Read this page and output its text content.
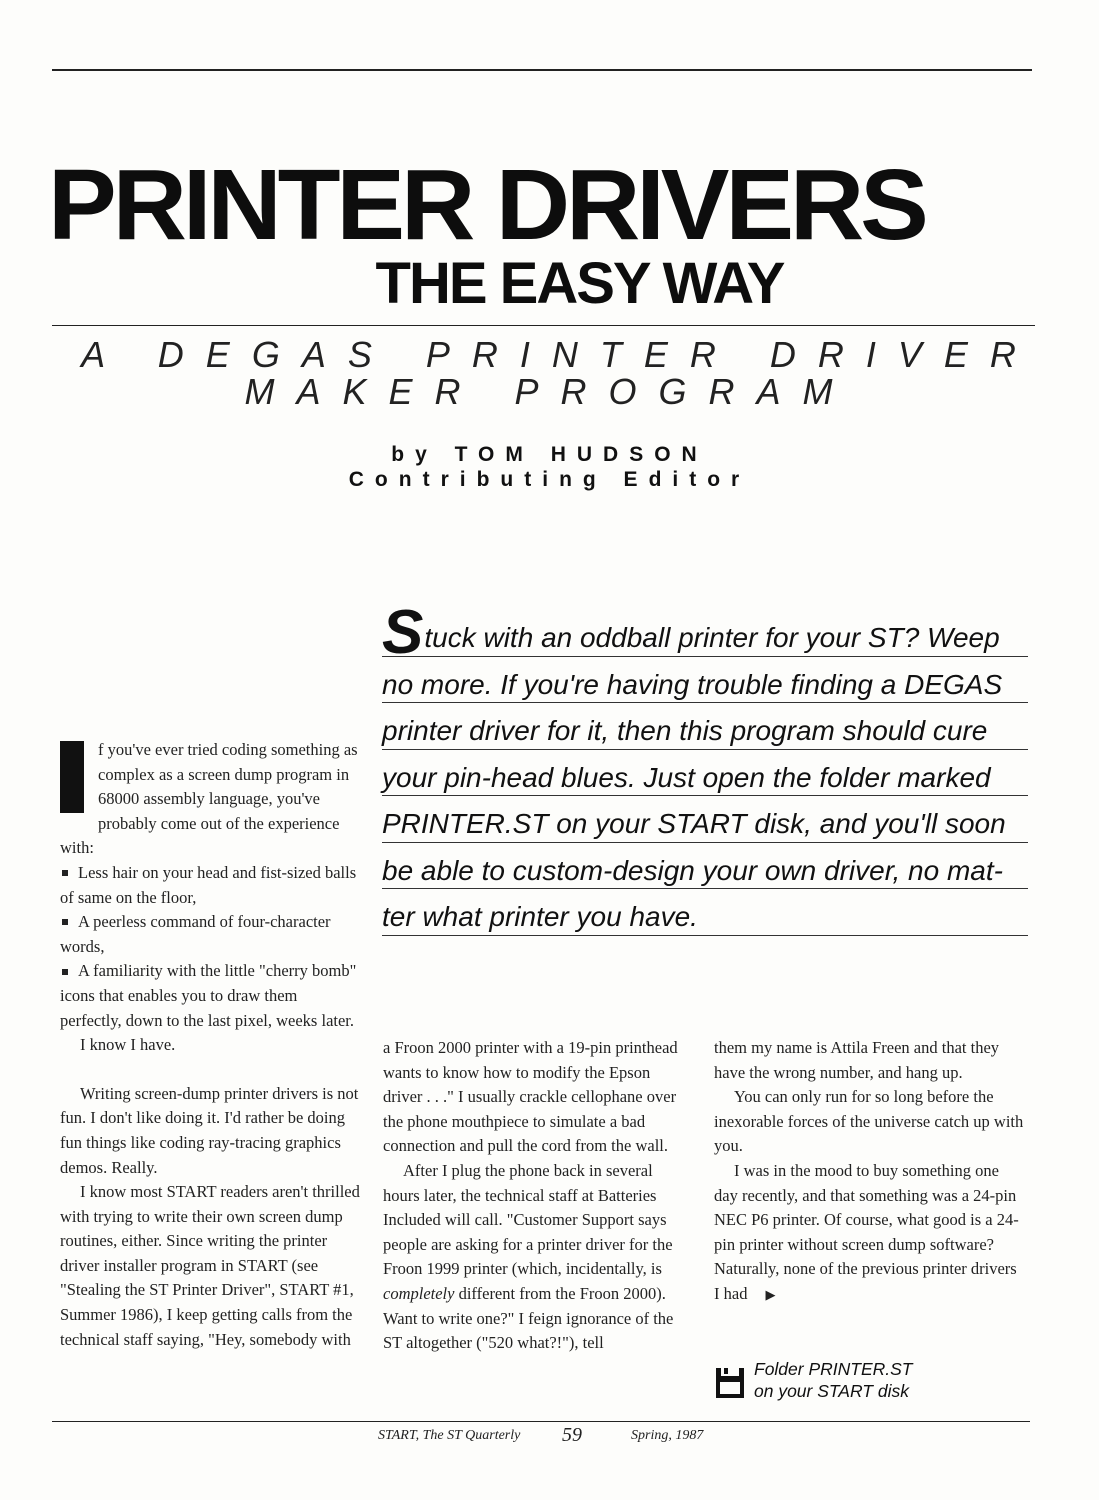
PRINTER DRIVERS
THE EASY WAY
A DEGAS PRINTER DRIVER
MAKER PROGRAM
by TOM HUDSON
Contributing Editor
Stuck with an oddball printer for your ST? Weep
no more. If you're having trouble finding a DEGAS
printer driver for it, then this program should cure
your pin-head blues. Just open the folder marked
PRINTER.ST on your START disk, and you'll soon
be able to custom-design your own driver, no mat-
ter what printer you have.

f you've ever tried coding something as complex as a screen dump program in 68000 assembly language, you've probably come out of the experience with:

Less hair on your head and fist-sized balls of same on the floor,

A peerless command of four-character words,

A familiarity with the little "cherry bomb" icons that enables you to draw them perfectly, down to the last pixel, weeks later.

I know I have.

Writing screen-dump printer drivers is not fun. I don't like doing it. I'd rather be doing fun things like coding ray-tracing graphics demos. Really.

I know most START readers aren't thrilled with trying to write their own screen dump routines, either. Since writing the printer driver installer program in START (see "Stealing the ST Printer Driver", START #1, Summer 1986), I keep getting calls from the technical staff saying, "Hey, somebody with

a Froon 2000 printer with a 19-pin printhead wants to know how to modify the Epson driver . . ." I usually crackle cellophane over the phone mouthpiece to simulate a bad connection and pull the cord from the wall.

After I plug the phone back in several hours later, the technical staff at Batteries Included will call. "Customer Support says people are asking for a printer driver for the Froon 1999 printer (which, incidentally, is completely different from the Froon 2000). Want to write one?" I feign ignorance of the ST altogether ("520 what?!"), tell

them my name is Attila Freen and that they have the wrong number, and hang up.

You can only run for so long before the inexorable forces of the universe catch up with you.

I was in the mood to buy something one day recently, and that something was a 24-pin NEC P6 printer. Of course, what good is a 24-pin printer without screen dump software? Naturally, none of the previous printer drivers I had ▶

Folder PRINTER.ST
on your START disk
START, The ST Quarterly 59	Spring, 1987
